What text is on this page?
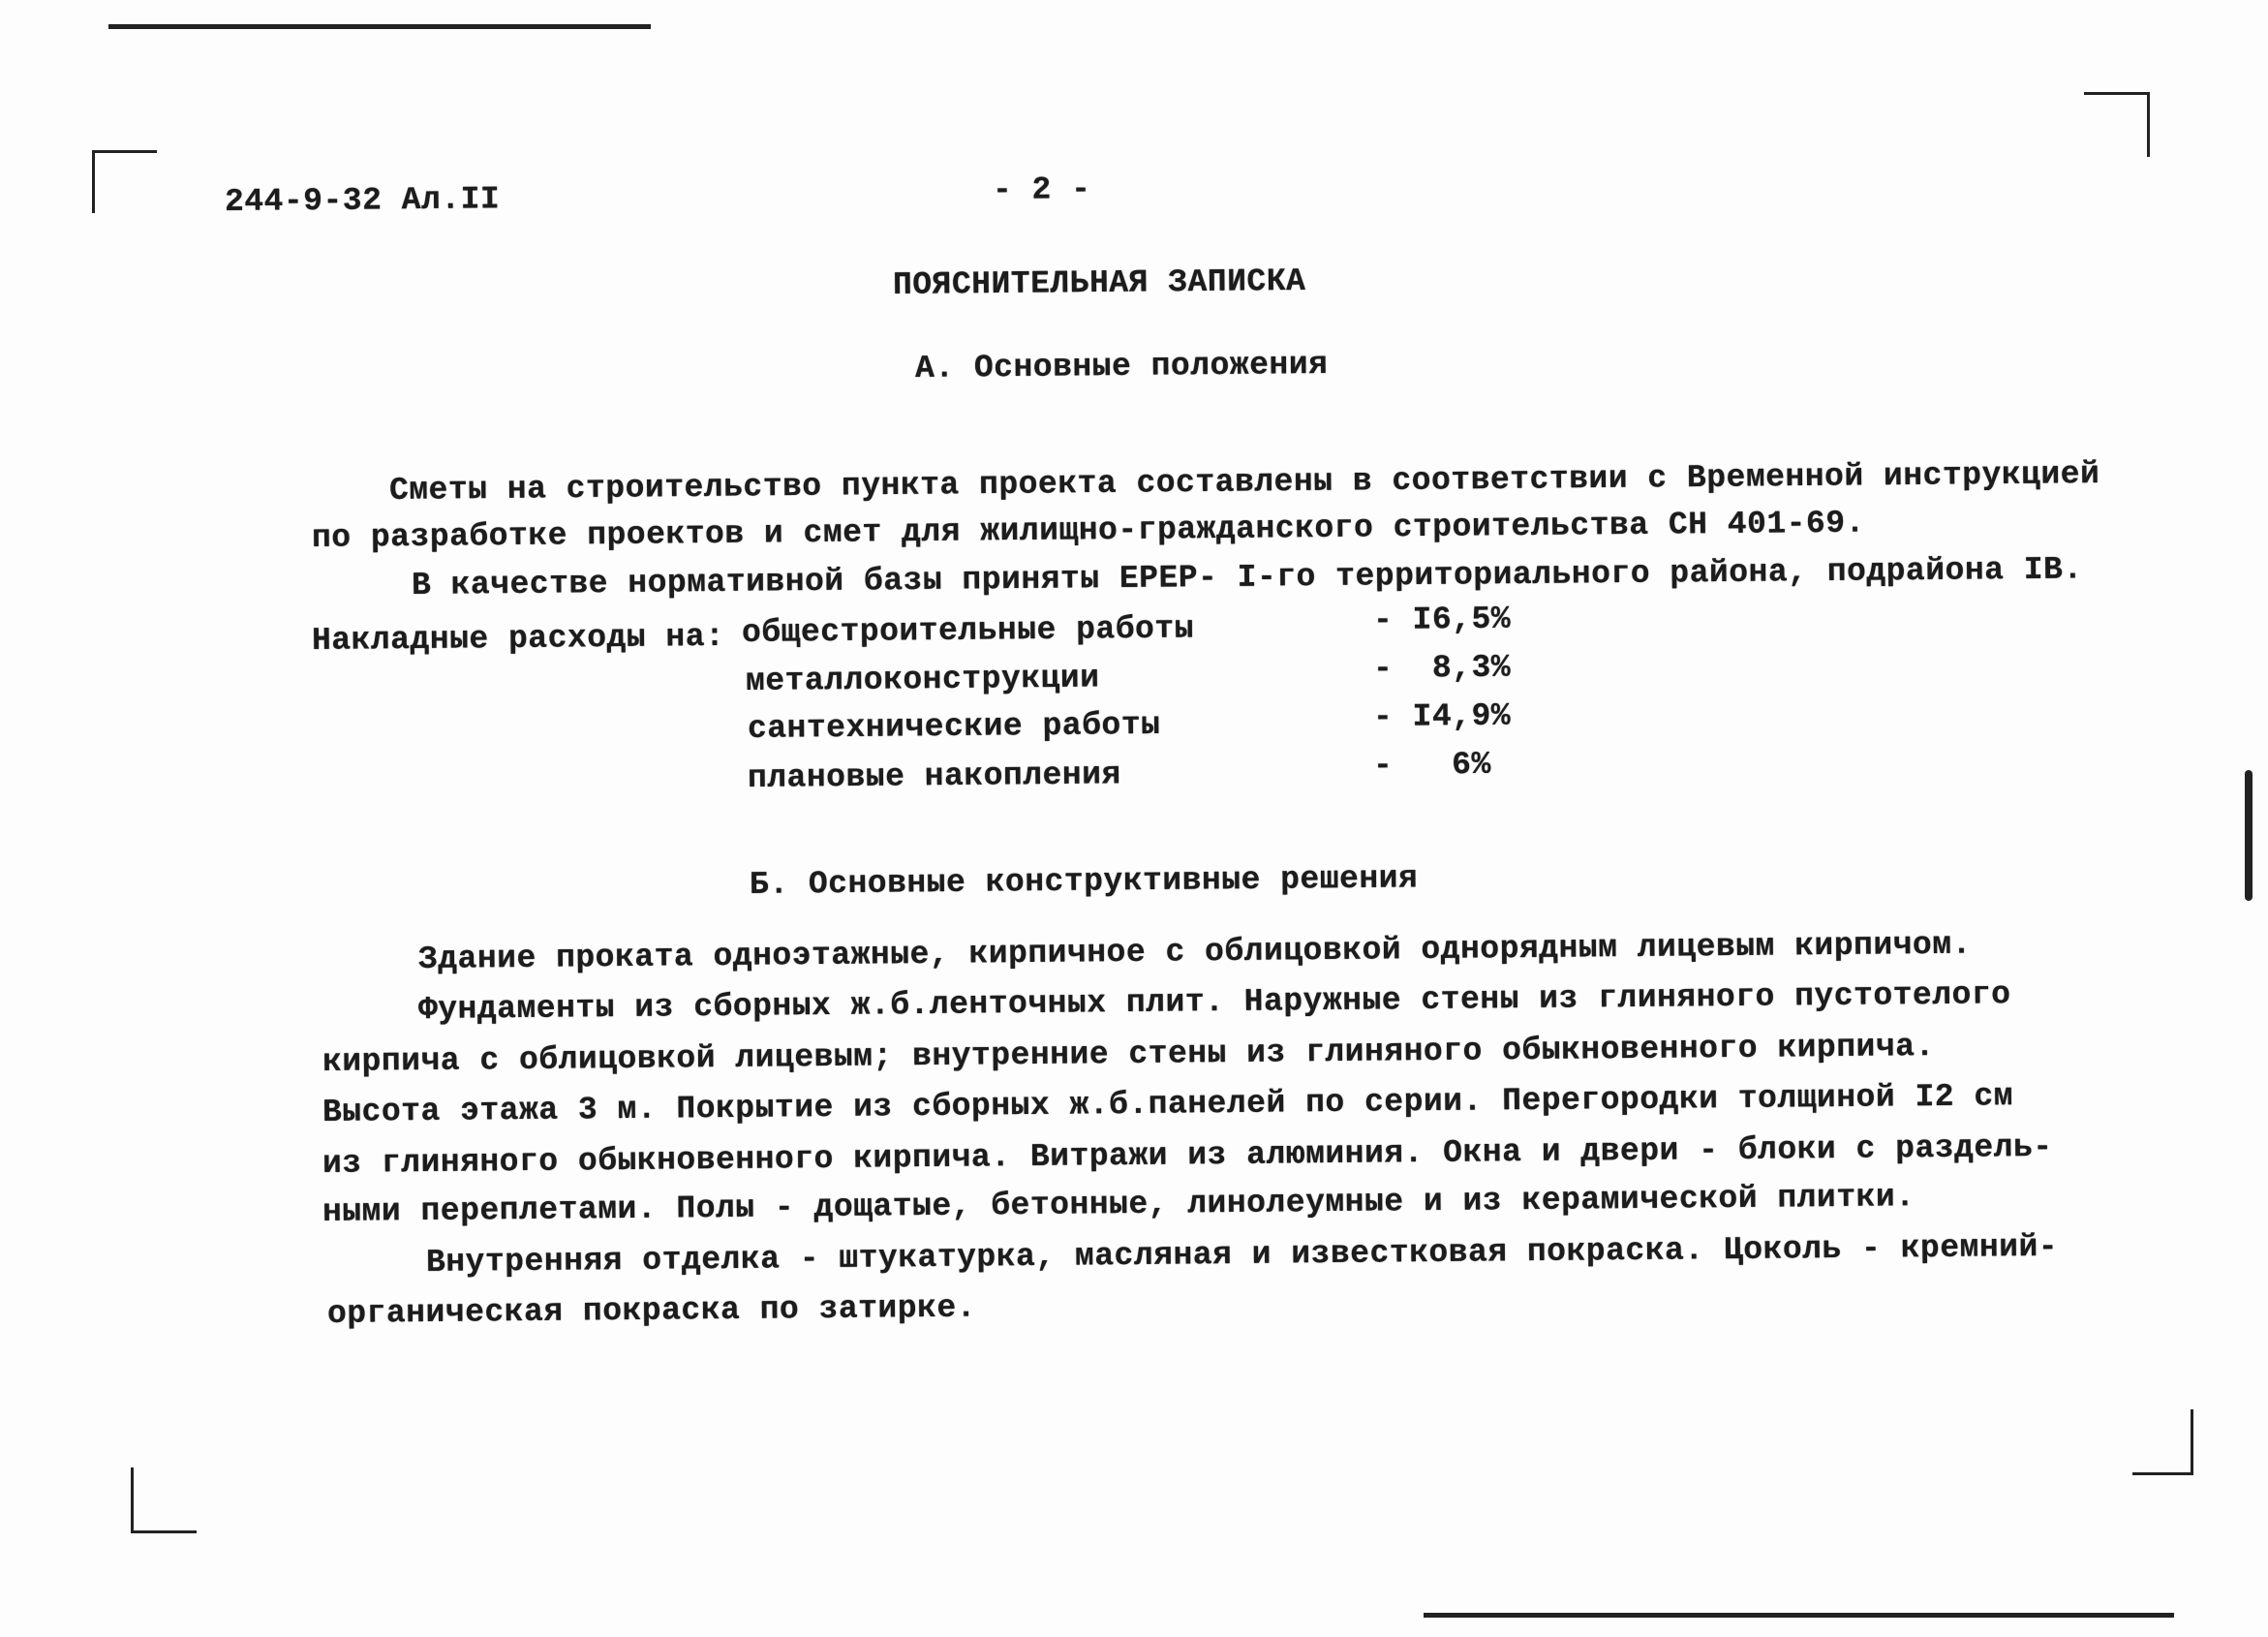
244-9-32 Ал.II	- 2 -
ПОЯСНИТЕЛЬНАЯ ЗАПИСКА
А. Основные положения
Сметы на строительство пункта проекта составлены в соответствии с Временной инструкцией
по разработке проектов и смет для жилищно-гражданского строительства СН 401-69.
В качестве нормативной базы приняты ЕРЕР- I-го территориального района, подрайона IВ.
Накладные расходы на: общестроительные работы	- I6,5%
металлоконструкции	-  8,3%
сантехнические работы	- I4,9%
плановые накопления	-   6%
Б. Основные конструктивные решения
Здание проката одноэтажные, кирпичное с облицовкой однорядным лицевым кирпичом.
Фундаменты из сборных ж.б.ленточных плит. Наружные стены из глиняного пустотелого
кирпича с облицовкой лицевым; внутренние стены из глиняного обыкновенного кирпича.
Высота этажа 3 м. Покрытие из сборных ж.б.панелей по серии. Перегородки толщиной I2 см
из глиняного обыкновенного кирпича. Витражи из алюминия. Окна и двери - блоки с раздель-
ными переплетами. Полы - дощатые, бетонные, линолеумные и из керамической плитки.
Внутренняя отделка - штукатурка, масляная и известковая покраска. Цоколь - кремний-
органическая покраска по затирке.
